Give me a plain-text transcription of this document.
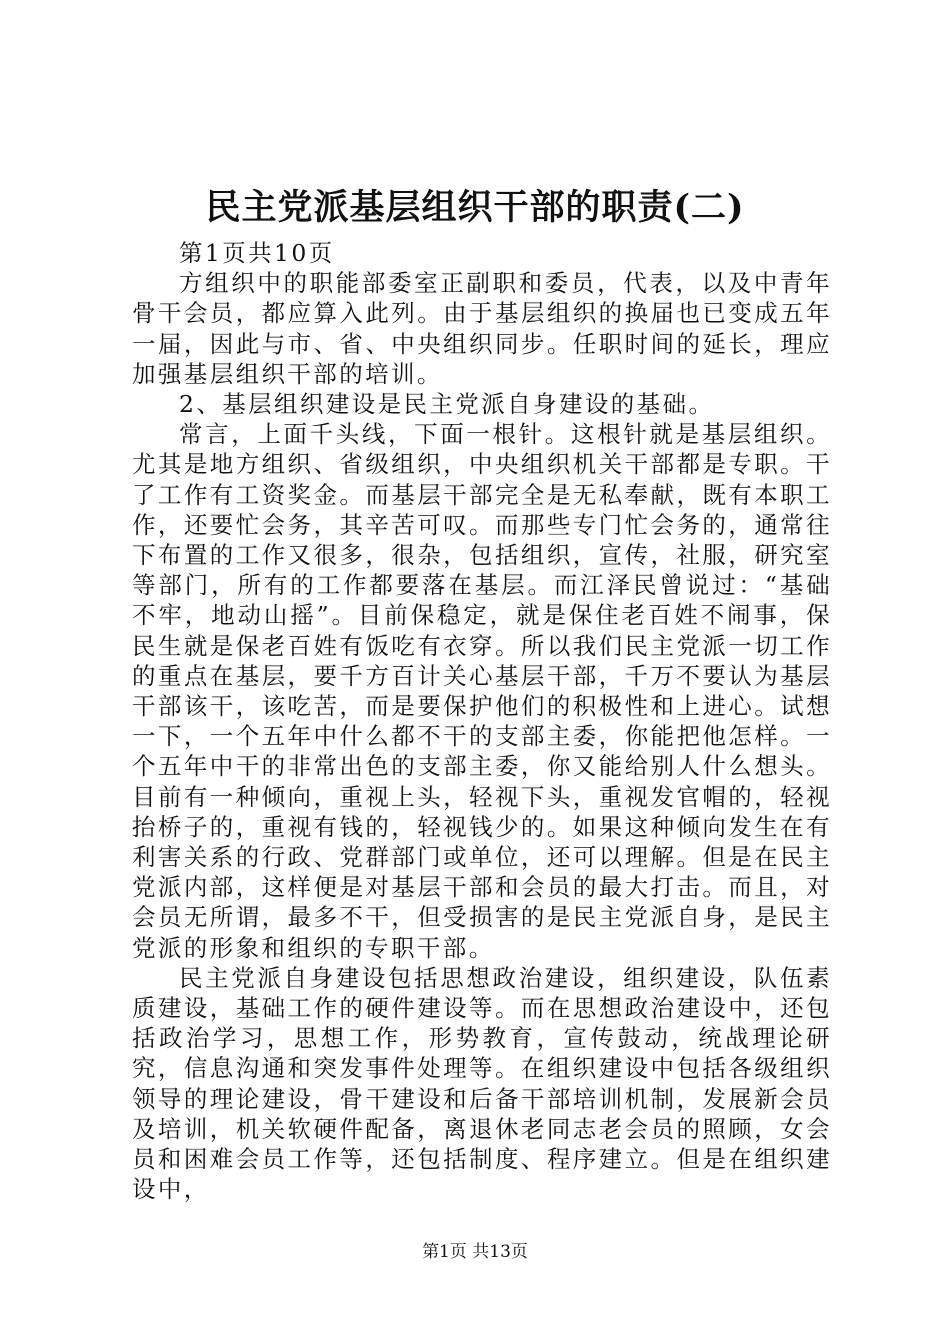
民主党派基层组织干部的职责(二)

第1页共10页

方组织中的职能部委室正副职和委员，代表，以及中青年骨干会员，都应算入此列。由于基层组织的换届也已变成五年一届，因此与市、省、中央组织同步。任职时间的延长，理应加强基层组织干部的培训。

2、基层组织建设是民主党派自身建设的基础。

常言，上面千头线，下面一根针。这根针就是基层组织。尤其是地方组织、省级组织，中央组织机关干部都是专职。干了工作有工资奖金。而基层干部完全是无私奉献，既有本职工作，还要忙会务，其辛苦可叹。而那些专门忙会务的，通常往下布置的工作又很多，很杂，包括组织，宣传，社服，研究室等部门，所有的工作都要落在基层。而江泽民曾说过：“基础不牢，地动山摇”。目前保稳定，就是保住老百姓不闹事，保民生就是保老百姓有饭吃有衣穿。所以我们民主党派一切工作的重点在基层，要千方百计关心基层干部，千万不要认为基层干部该干，该吃苦，而是要保护他们的积极性和上进心。试想一下，一个五年中什么都不干的支部主委，你能把他怎样。一个五年中干的非常出色的支部主委，你又能给别人什么想头。目前有一种倾向，重视上头，轻视下头，重视发官帽的，轻视抬桥子的，重视有钱的，轻视钱少的。如果这种倾向发生在有利害关系的行政、党群部门或单位，还可以理解。但是在民主党派内部，这样便是对基层干部和会员的最大打击。而且，对会员无所谓，最多不干，但受损害的是民主党派自身，是民主党派的形象和组织的专职干部。

民主党派自身建设包括思想政治建设，组织建设，队伍素质建设，基础工作的硬件建设等。而在思想政治建设中，还包括政治学习，思想工作，形势教育，宣传鼓动，统战理论研究，信息沟通和突发事件处理等。在组织建设中包括各级组织领导的理论建设，骨干建设和后备干部培训机制，发展新会员及培训，机关软硬件配备，离退休老同志老会员的照顾，女会员和困难会员工作等，还包括制度、程序建立。但是在组织建设中，

第1页 共13页
